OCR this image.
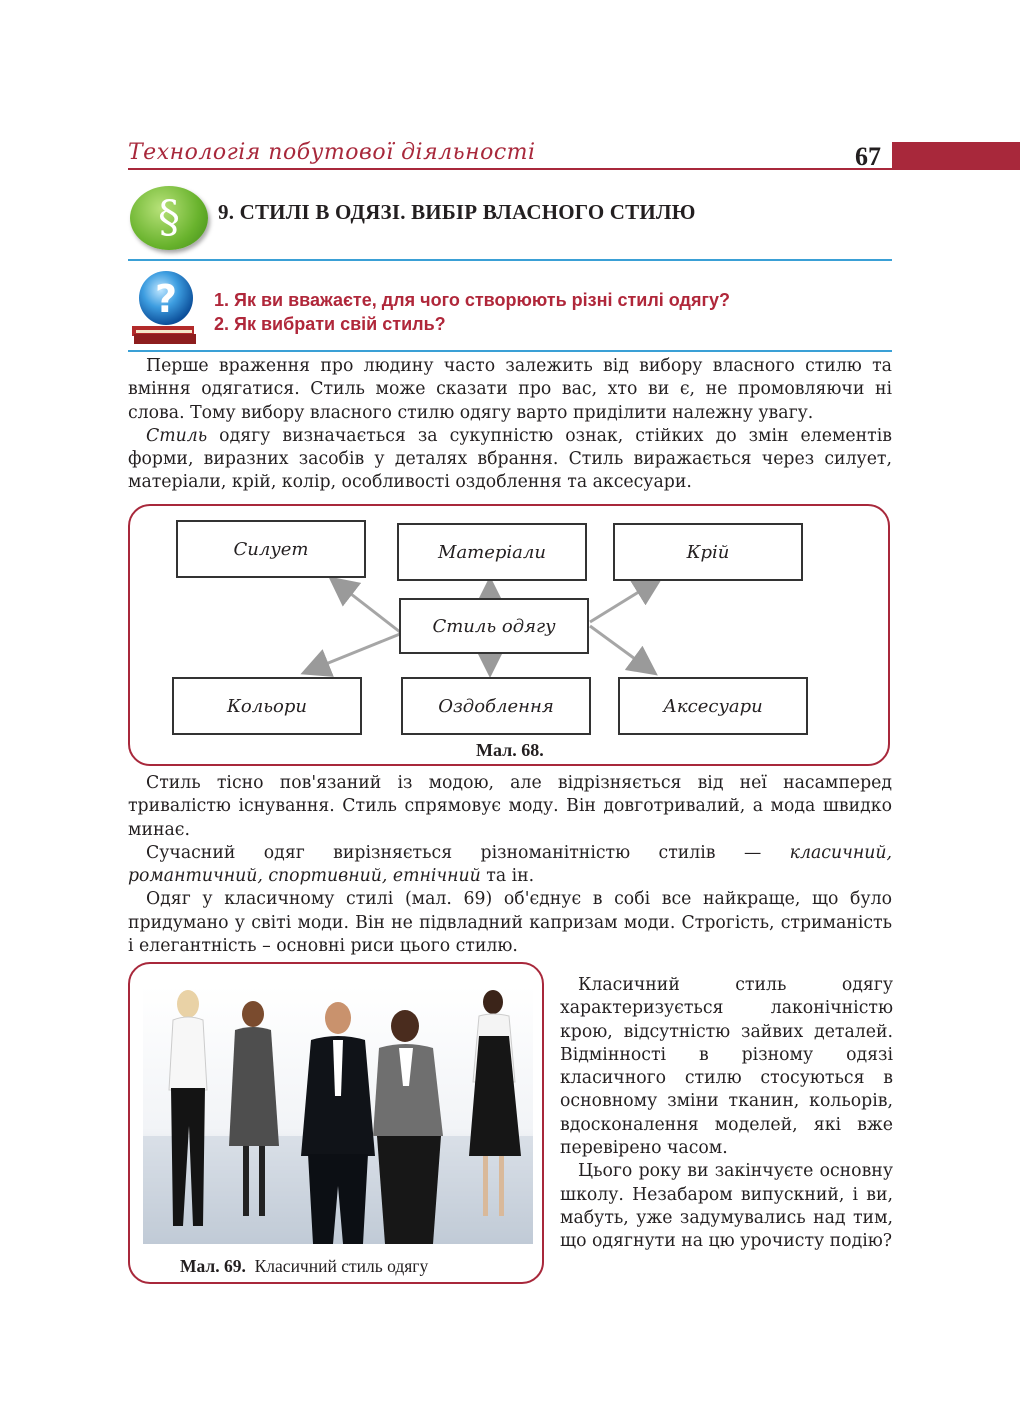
Технологія побутової діяльності	67
§	9. СТИЛІ В ОДЯЗІ. ВИБІР ВЛАСНОГО СТИЛЮ
? 1. Як ви вважаєте, для чого створюють різні стилі одягу?
2. Як вибрати свій стиль?

Перше враження про людину часто залежить від вибору власного стилю та вміння одягатися. Стиль може сказати про вас, хто ви є, не промовляючи ні слова. Тому вибору власного стилю одягу варто приділити належну увагу.

Стиль одягу визначається за сукупністю ознак, стійких до змін елементів форми, виразних засобів у деталях вбрання. Стиль виражається через силует, матеріали, крій, колір, особливості оздоблення та аксесуари.

Силует	Матеріали	Крій
Стиль одягу
Кольори	Оздоблення	Аксесуари
Мал. 68.

Стиль тісно пов'язаний із модою, але відрізняється від неї насамперед тривалістю існування. Стиль спрямовує моду. Він довготривалий, а мода швидко минає.

Сучасний одяг вирізняється різноманітністю стилів — класичний, романтичний, спортивний, етнічний та ін.

Одяг у класичному стилі (мал. 69) об'єднує в собі все найкраще, що було придумано у світі моди. Він не підвладний капризам моди. Строгість, стриманість і елегантність – основні риси цього стилю.

Мал. 69. Класичний стиль одягу

Класичний стиль одягу характеризується лаконічністю крою, відсутністю зайвих деталей. Відмінності в різному одязі класичного стилю стосуються в основному зміни тканин, кольорів, вдосконалення моделей, які вже перевірено часом.

Цього року ви закінчуєте основну школу. Незабаром випускний, і ви, мабуть, уже задумувались над тим, що одягнути на цю урочисту подію?
